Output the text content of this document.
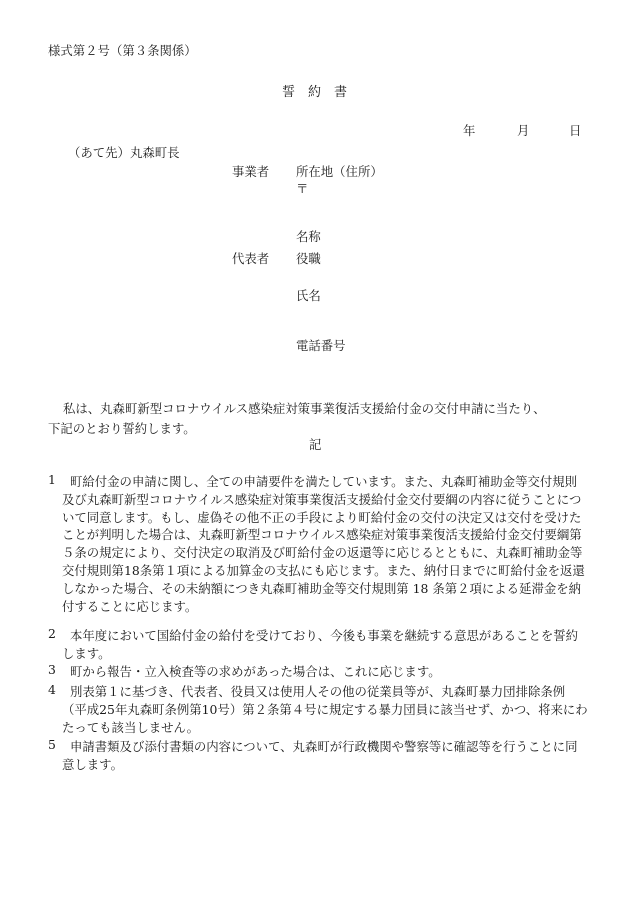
様式第２号（第３条関係）
誓　約　書
年	月	日
（あて先）丸森町長
事業者 所在地（住所）
〒
名称
代表者 役職
氏名
電話番号
私は、丸森町新型コロナウイルス感染症対策事業復活支援給付金の交付申請に当たり、
下記のとおり誓約します。
記
1	町給付金の申請に関し、全ての申請要件を満たしています。また、丸森町補助金等交付規則及び丸森町新型コロナウイルス感染症対策事業復活支援給付金交付要綱の内容に従うことについて同意します。もし、虚偽その他不正の手段により町給付金の交付の決定又は交付を受けたことが判明した場合は、丸森町新型コロナウイルス感染症対策事業復活支援給付金交付要綱第５条の規定により、交付決定の取消及び町給付金の返還等に応じるとともに、丸森町補助金等交付規則第18条第１項による加算金の支払にも応じます。また、納付日までに町給付金を返還しなかった場合、その未納額につき丸森町補助金等交付規則第 18 条第２項による延滞金を納付することに応じます。
2	本年度において国給付金の給付を受けており、今後も事業を継続する意思があることを誓約します。
3	町から報告・立入検査等の求めがあった場合は、これに応じます。
4	別表第１に基づき、代表者、役員又は使用人その他の従業員等が、丸森町暴力団排除条例（平成25年丸森町条例第10号）第２条第４号に規定する暴力団員に該当せず、かつ、将来にわたっても該当しません。
5	申請書類及び添付書類の内容について、丸森町が行政機関や警察等に確認等を行うことに同意します。
